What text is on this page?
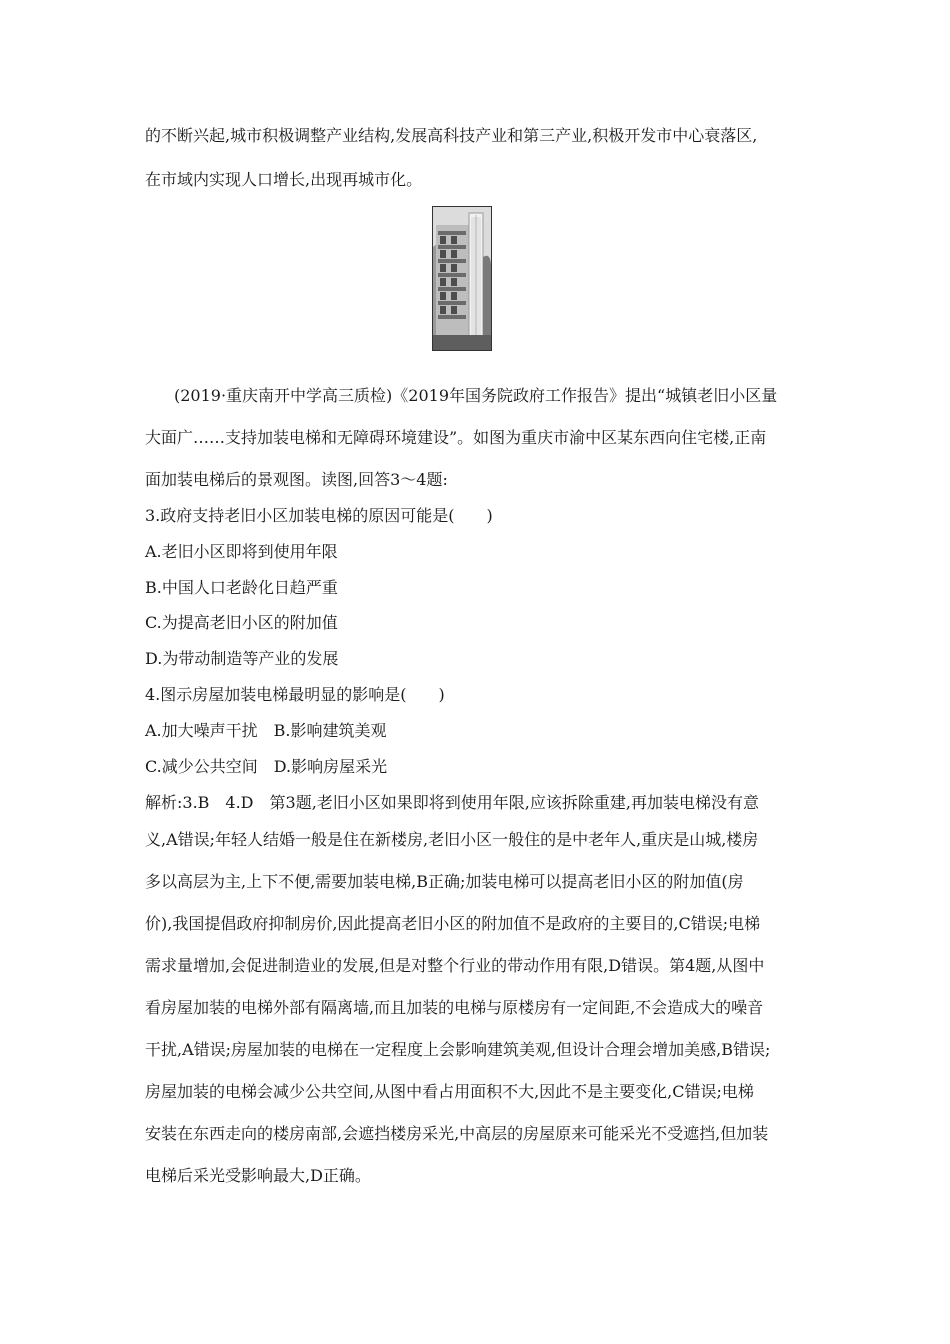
的不断兴起,城市积极调整产业结构,发展高科技产业和第三产业,积极开发市中心衰落区,
在市域内实现人口增长,出现再城市化。
(2019·重庆南开中学高三质检)《2019年国务院政府工作报告》提出“城镇老旧小区量
大面广……支持加装电梯和无障碍环境建设”。如图为重庆市渝中区某东西向住宅楼,正南
面加装电梯后的景观图。读图,回答3～4题:
3.政府支持老旧小区加装电梯的原因可能是(　　)
A.老旧小区即将到使用年限
B.中国人口老龄化日趋严重
C.为提高老旧小区的附加值
D.为带动制造等产业的发展
4.图示房屋加装电梯最明显的影响是(　　)
A.加大噪声干扰　B.影响建筑美观
C.减少公共空间　D.影响房屋采光
解析:3.B　4.D　第3题,老旧小区如果即将到使用年限,应该拆除重建,再加装电梯没有意
义,A错误;年轻人结婚一般是住在新楼房,老旧小区一般住的是中老年人,重庆是山城,楼房
多以高层为主,上下不便,需要加装电梯,B正确;加装电梯可以提高老旧小区的附加值(房
价),我国提倡政府抑制房价,因此提高老旧小区的附加值不是政府的主要目的,C错误;电梯
需求量增加,会促进制造业的发展,但是对整个行业的带动作用有限,D错误。第4题,从图中
看房屋加装的电梯外部有隔离墙,而且加装的电梯与原楼房有一定间距,不会造成大的噪音
干扰,A错误;房屋加装的电梯在一定程度上会影响建筑美观,但设计合理会增加美感,B错误;
房屋加装的电梯会减少公共空间,从图中看占用面积不大,因此不是主要变化,C错误;电梯
安装在东西走向的楼房南部,会遮挡楼房采光,中高层的房屋原来可能采光不受遮挡,但加装
电梯后采光受影响最大,D正确。
